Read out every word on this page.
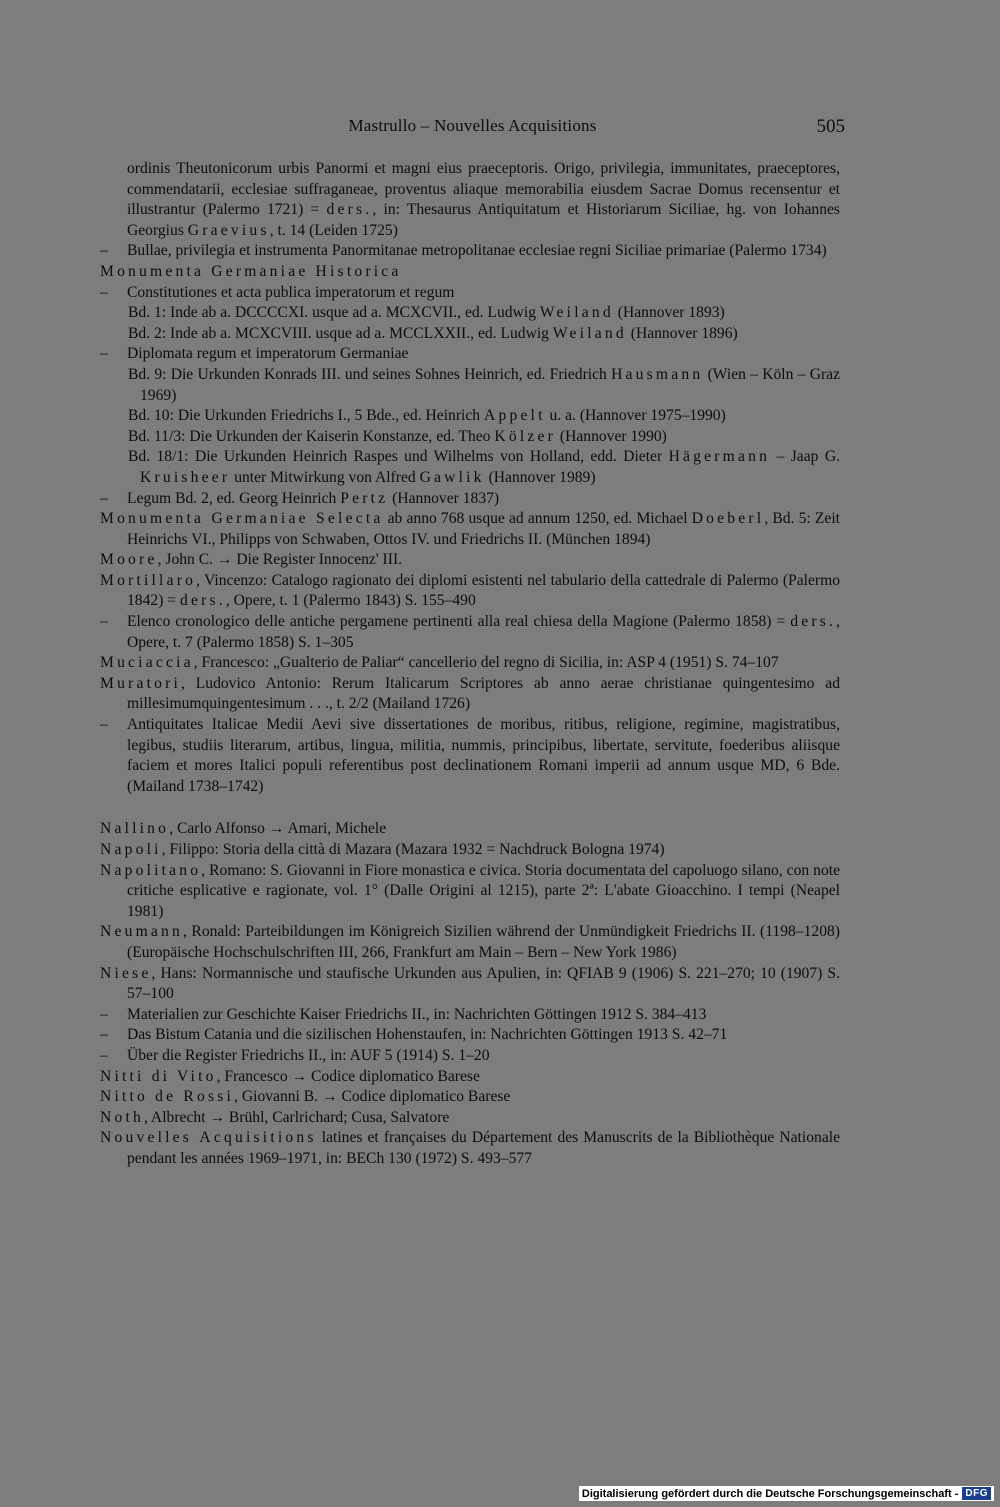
Mastrullo – Nouvelles Acquisitions	505

ordinis Theutonicorum urbis Panormi et magni eius praeceptoris. Origo, privilegia, immunitates, praeceptores, commendatarii, ecclesiae suffraganeae, proventus aliaque memorabilia eiusdem Sacrae Domus recensentur et illustrantur (Palermo 1721) = ders., in: Thesaurus Antiquitatum et Historiarum Siciliae, hg. von Iohannes Georgius Graevius, t. 14 (Leiden 1725)

– Bullae, privilegia et instrumenta Panormitanae metropolitanae ecclesiae regni Siciliae primariae (Palermo 1734)

Monumenta Germaniae Historica

– Constitutiones et acta publica imperatorum et regum

Bd. 1: Inde ab a. DCCCCXI. usque ad a. MCXCVII., ed. Ludwig Weiland (Hannover 1893)

Bd. 2: Inde ab a. MCXCVIII. usque ad a. MCCLXXII., ed. Ludwig Weiland (Hannover 1896)

– Diplomata regum et imperatorum Germaniae

Bd. 9: Die Urkunden Konrads III. und seines Sohnes Heinrich, ed. Friedrich Hausmann (Wien – Köln – Graz 1969)

Bd. 10: Die Urkunden Friedrichs I., 5 Bde., ed. Heinrich Appelt u. a. (Hannover 1975–1990)

Bd. 11/3: Die Urkunden der Kaiserin Konstanze, ed. Theo Kölzer (Hannover 1990)

Bd. 18/1: Die Urkunden Heinrich Raspes und Wilhelms von Holland, edd. Dieter Hägermann – Jaap G. Kruisheer unter Mitwirkung von Alfred Gawlik (Hannover 1989)

– Legum Bd. 2, ed. Georg Heinrich Pertz (Hannover 1837)

Monumenta Germaniae Selecta ab anno 768 usque ad annum 1250, ed. Michael Doeberl, Bd. 5: Zeit Heinrichs VI., Philipps von Schwaben, Ottos IV. und Friedrichs II. (München 1894)

Moore, John C. → Die Register Innocenz' III.

Mortillaro, Vincenzo: Catalogo ragionato dei diplomi esistenti nel tabulario della cattedrale di Palermo (Palermo 1842) = ders., Opere, t. 1 (Palermo 1843) S. 155–490

– Elenco cronologico delle antiche pergamene pertinenti alla real chiesa della Magione (Palermo 1858) = ders., Opere, t. 7 (Palermo 1858) S. 1–305

Muciaccia, Francesco: „Gualterio de Paliar“ cancellerio del regno di Sicilia, in: ASP 4 (1951) S. 74–107

Muratori, Ludovico Antonio: Rerum Italicarum Scriptores ab anno aerae christianae quingentesimo ad millesimumquingentesimum . . ., t. 2/2 (Mailand 1726)

– Antiquitates Italicae Medii Aevi sive dissertationes de moribus, ritibus, religione, regimine, magistratibus, legibus, studiis literarum, artibus, lingua, militia, nummis, principibus, libertate, servitute, foederibus aliisque faciem et mores Italici populi referentibus post declinationem Romani imperii ad annum usque MD, 6 Bde. (Mailand 1738–1742)

Nallino, Carlo Alfonso → Amari, Michele

Napoli, Filippo: Storia della città di Mazara (Mazara 1932 = Nachdruck Bologna 1974)

Napolitano, Romano: S. Giovanni in Fiore monastica e civica. Storia documentata del capoluogo silano, con note critiche esplicative e ragionate, vol. 1° (Dalle Origini al 1215), parte 2ª: L'abate Gioacchino. I tempi (Neapel 1981)

Neumann, Ronald: Parteibildungen im Königreich Sizilien während der Unmündigkeit Friedrichs II. (1198–1208) (Europäische Hochschulschriften III, 266, Frankfurt am Main – Bern – New York 1986)

Niese, Hans: Normannische und staufische Urkunden aus Apulien, in: QFIAB 9 (1906) S. 221–270; 10 (1907) S. 57–100

– Materialien zur Geschichte Kaiser Friedrichs II., in: Nachrichten Göttingen 1912 S. 384–413

– Das Bistum Catania und die sizilischen Hohenstaufen, in: Nachrichten Göttingen 1913 S. 42–71

– Über die Register Friedrichs II., in: AUF 5 (1914) S. 1–20

Nitti di Vito, Francesco → Codice diplomatico Barese

Nitto de Rossi, Giovanni B. → Codice diplomatico Barese

Noth, Albrecht → Brühl, Carlrichard; Cusa, Salvatore

Nouvelles Acquisitions latines et françaises du Département des Manuscrits de la Bibliothèque Nationale pendant les années 1969–1971, in: BECh 130 (1972) S. 493–577

Digitalisierung gefördert durch die Deutsche Forschungsgemeinschaft - DFG
